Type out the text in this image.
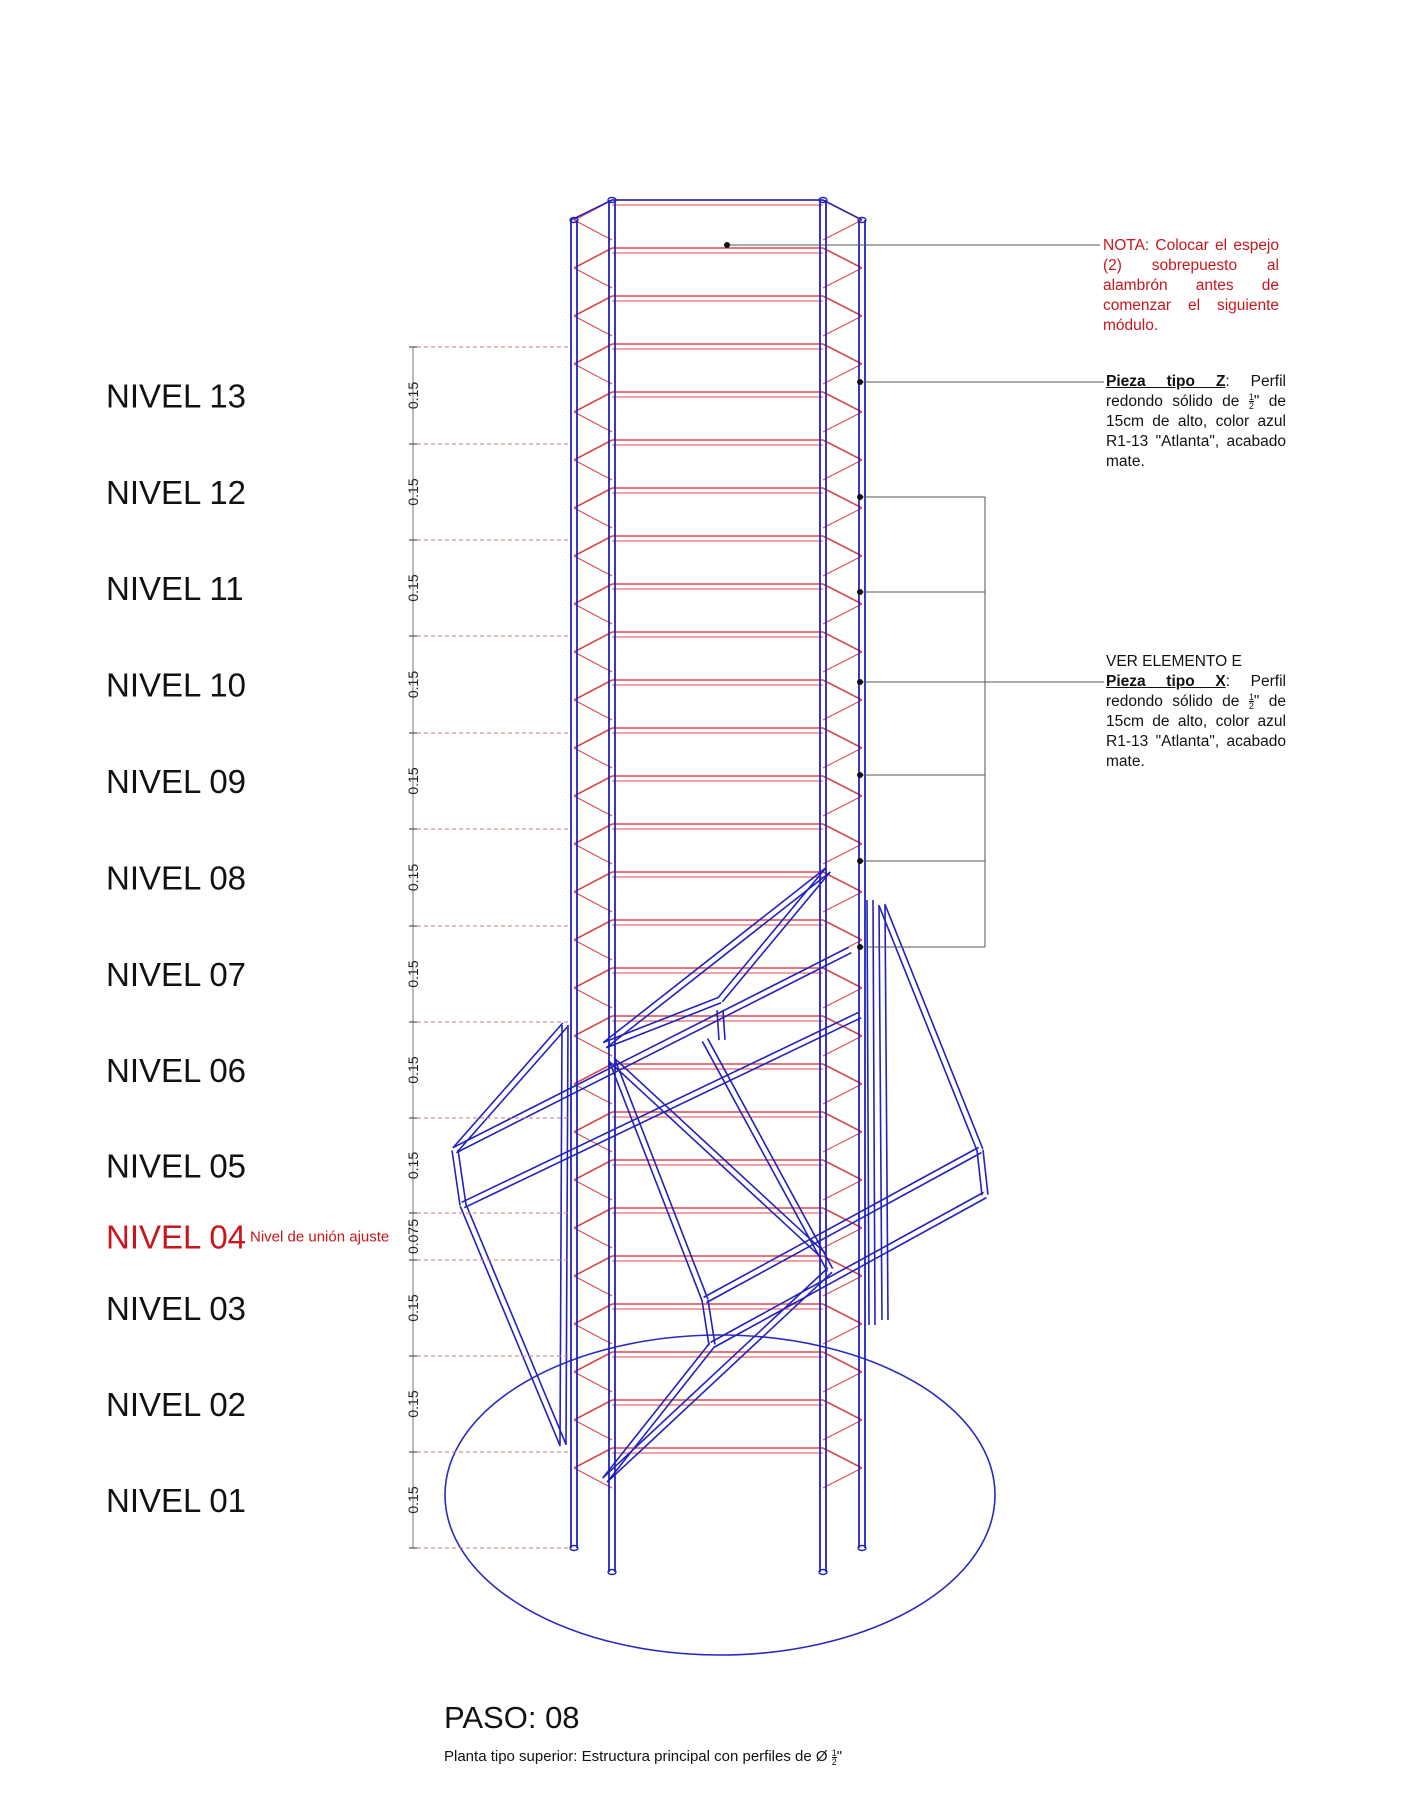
NIVEL 13	0.15
NIVEL 12	0.15
NIVEL 11	0.15
NIVEL 10	0.15
NIVEL 09	0.15
NIVEL 08	0.15
NIVEL 07	0.15
NIVEL 06	0.15
NIVEL 05	0.15
NIVEL 04	0.075
Nivel de unión ajuste
NIVEL 03	0.15
NIVEL 02	0.15
NIVEL 01	0.15
NOTA: Colocar el espejo (2) sobrepuesto al alambrón antes de comenzar el siguiente módulo.
Pieza tipo Z: Perfil redondo sólido de $\frac{1}{2}$ " de 15cm de alto, color azul R1-13 "Atlanta", acabado mate.
VER ELEMENTO E
Pieza tipo X: Perfil redondo sólido de $\frac{1}{2}$ " de 15cm de alto, color azul R1-13 "Atlanta", acabado mate.
PASO: 08
Planta tipo superior: Estructura principal con perfiles de Ø $\frac{1}{2}$ "
